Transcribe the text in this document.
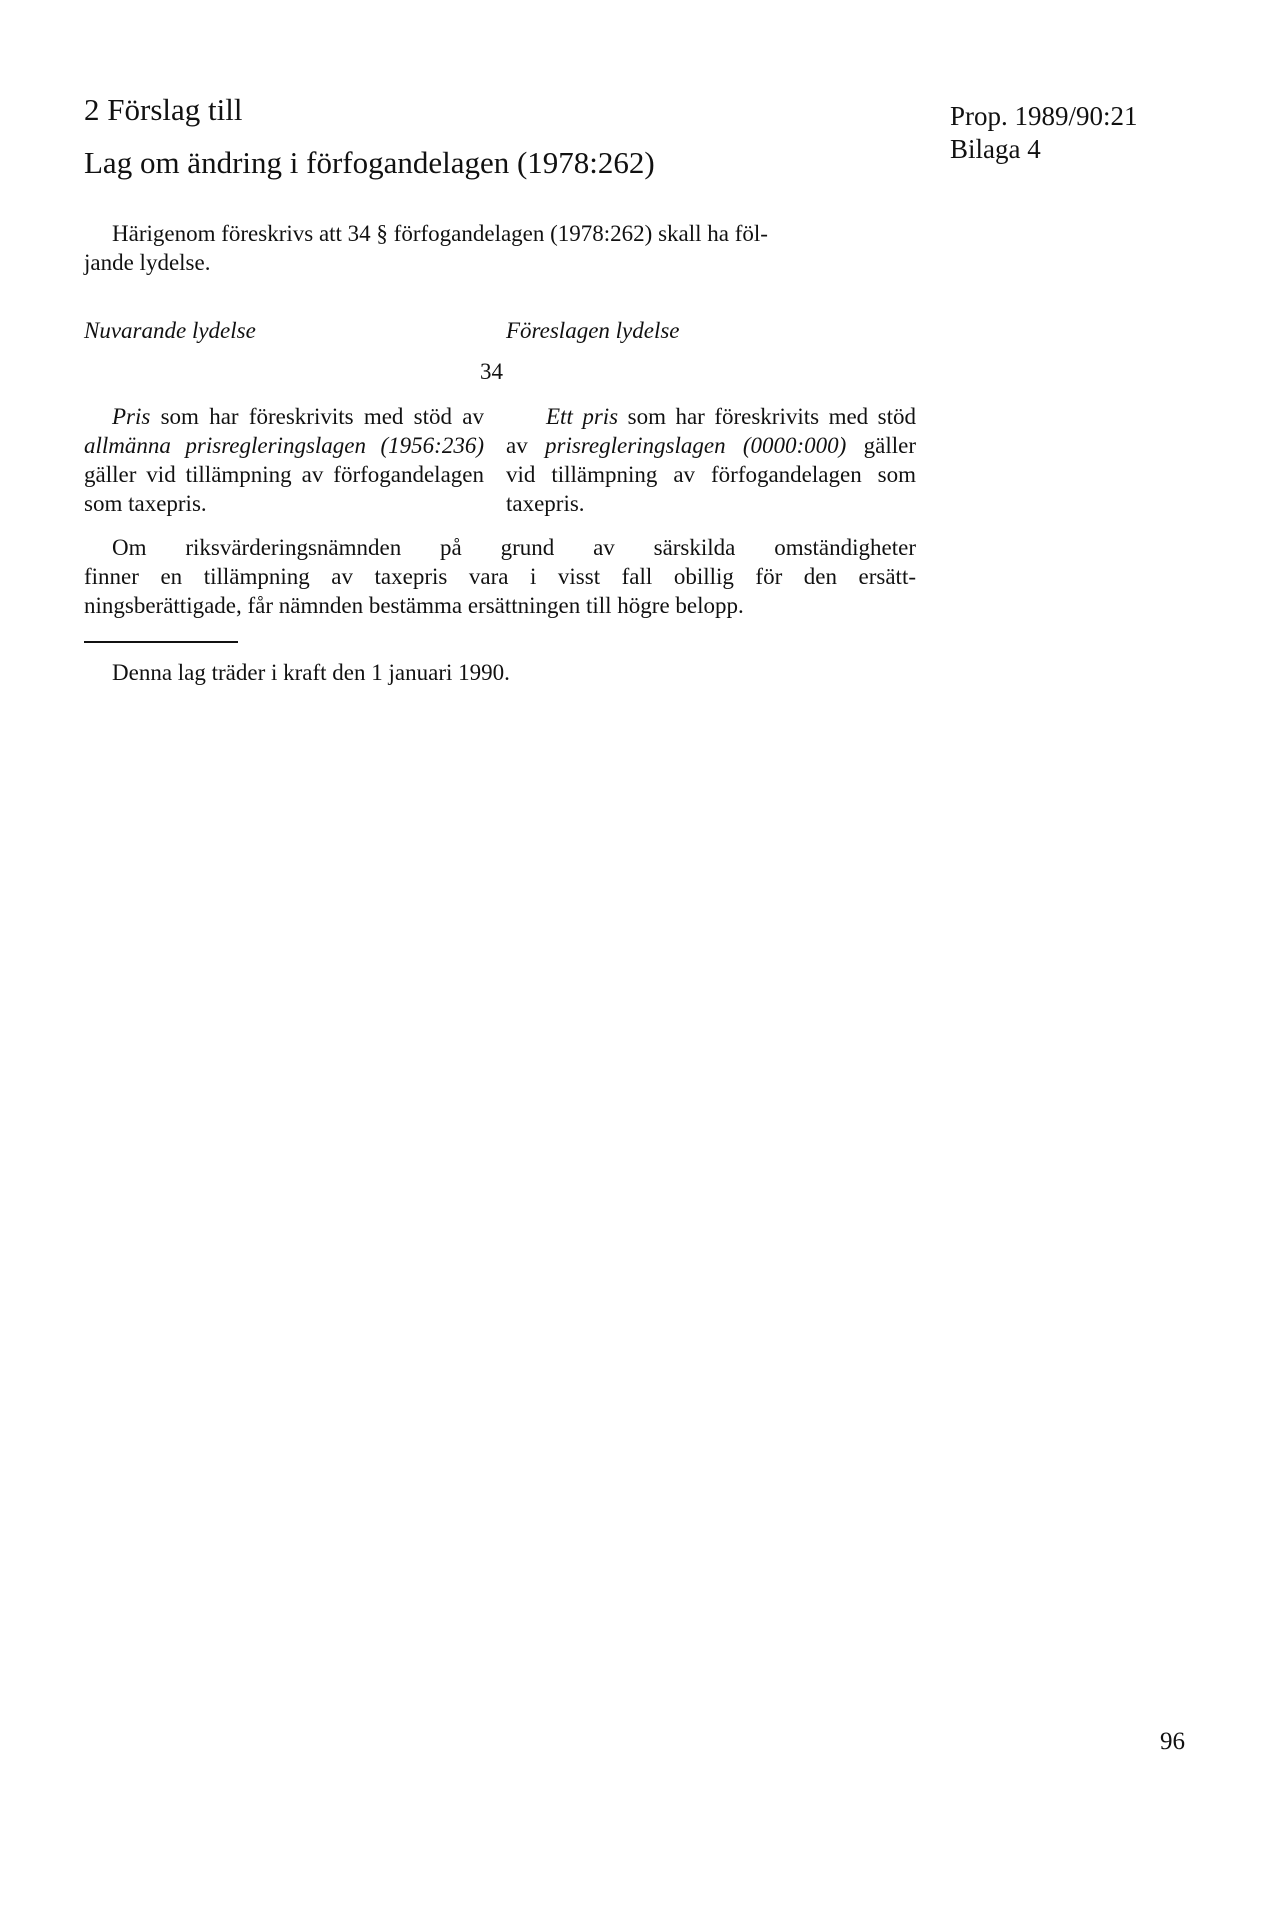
2 Förslag till
Lag om ändring i förfogandelagen (1978:262)
Prop. 1989/90:21
Bilaga 4
Härigenom föreskrivs att 34 § förfogandelagen (1978:262) skall ha föl-
jande lydelse.
Nuvarande lydelse	Föreslagen lydelse
34

Pris som har föreskrivits med stöd av allmänna prisregleringslagen (1956:236) gäller vid tillämpning av förfogandelagen som taxepris.

Ett pris som har föreskrivits med stöd av prisregleringslagen (0000:000) gäller vid tillämpning av förfogandelagen som taxepris.

Om riksvärderingsnämnden på grund av särskilda omständigheter
finner en tillämpning av taxepris vara i visst fall obillig för den ersätt-
ningsberättigade, får nämnden bestämma ersättningen till högre belopp.
Denna lag träder i kraft den 1 januari 1990.
96
